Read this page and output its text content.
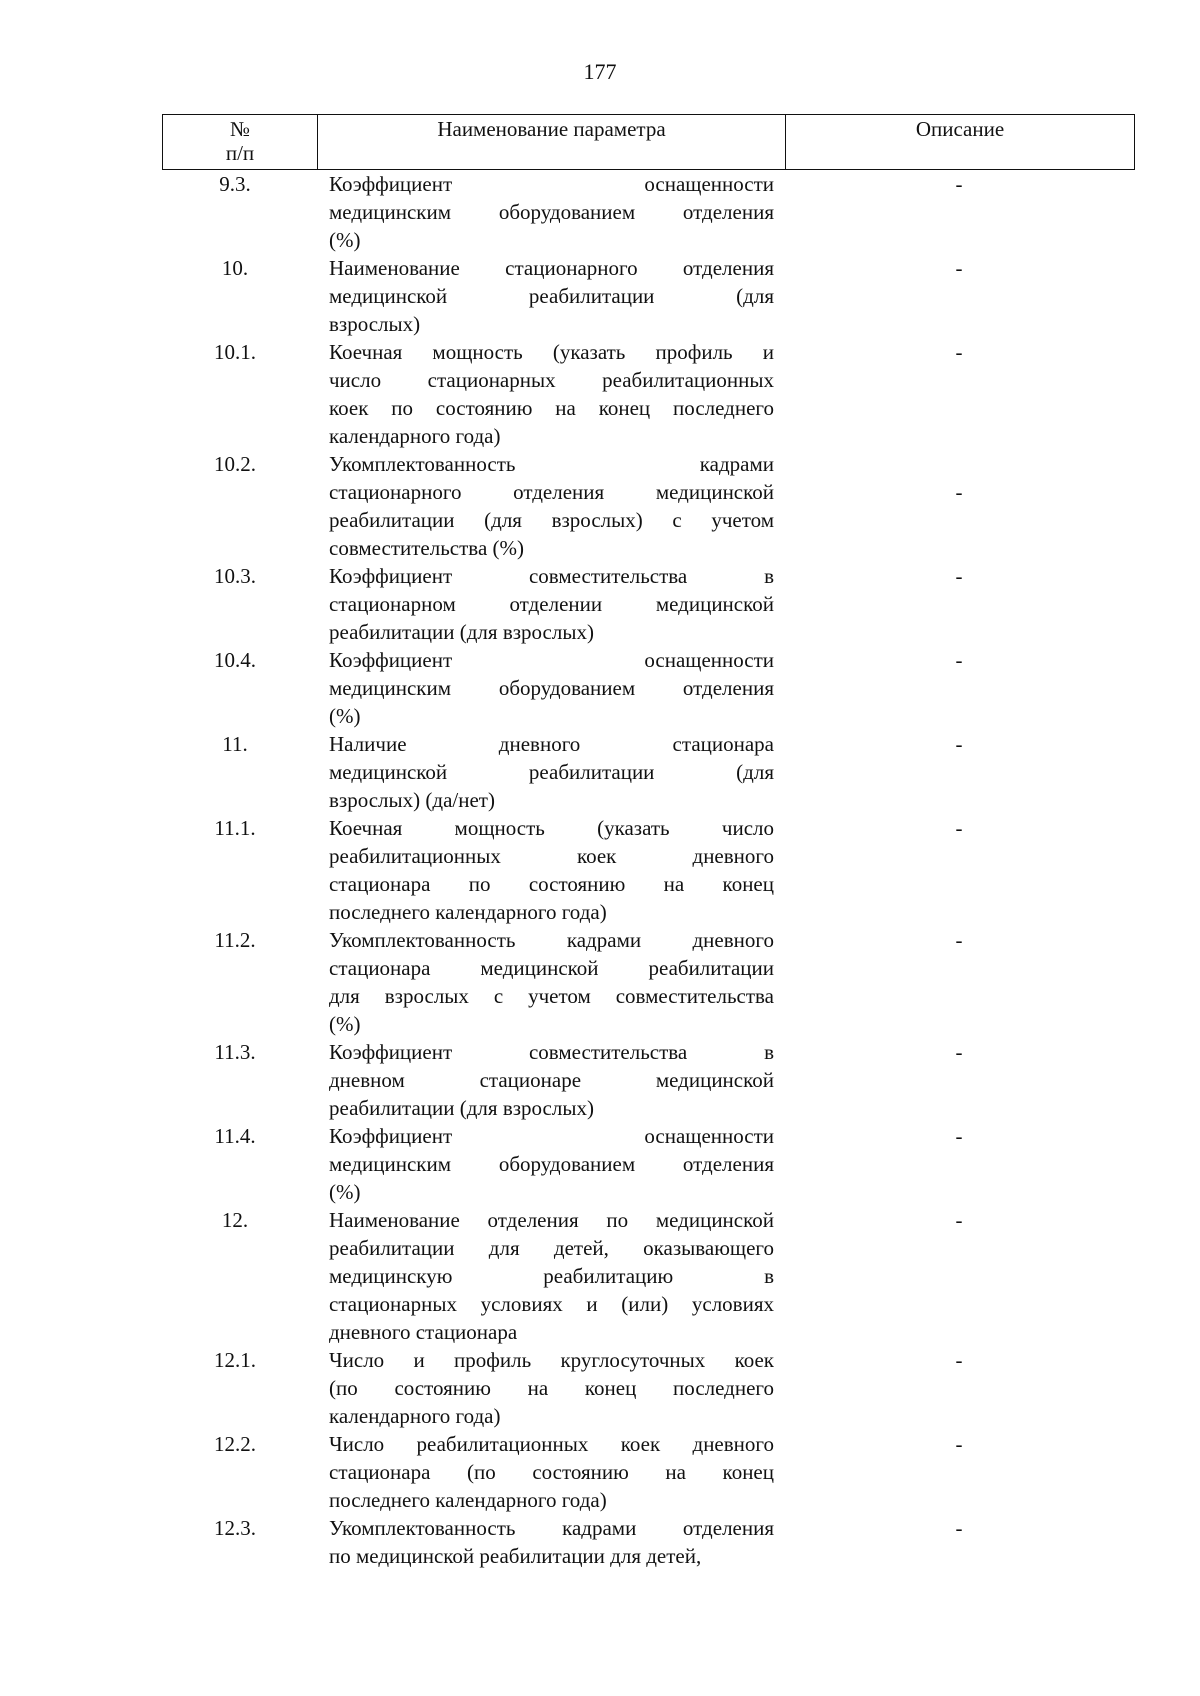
177
№
п/п
Наименование параметра	Описание
9.3.	Коэффициент оснащенности
медицинским оборудованием отделения
(%)
-
10.	Наименование стационарного отделения
медицинской реабилитации (для
взрослых)
-
10.1.	Коечная мощность (указать профиль и
число стационарных реабилитационных
коек по состоянию на конец последнего
календарного года)
-
10.2.	Укомплектованность кадрами
стационарного отделения медицинской
реабилитации (для взрослых) с учетом
совместительства (%)
-
10.3.	Коэффициент совместительства в
стационарном отделении медицинской
реабилитации (для взрослых)
-
10.4.	Коэффициент оснащенности
медицинским оборудованием отделения
(%)
-
11.	Наличие дневного стационара
медицинской реабилитации (для
взрослых) (да/нет)
-
11.1.	Коечная мощность (указать число
реабилитационных коек дневного
стационара по состоянию на конец
последнего календарного года)
-
11.2.	Укомплектованность кадрами дневного
стационара медицинской реабилитации
для взрослых с учетом совместительства
(%)
-
11.3.	Коэффициент совместительства в
дневном стационаре медицинской
реабилитации (для взрослых)
-
11.4.	Коэффициент оснащенности
медицинским оборудованием отделения
(%)
-
12.	Наименование отделения по медицинской
реабилитации для детей, оказывающего
медицинскую реабилитацию в
стационарных условиях и (или) условиях
дневного стационара
-
12.1.	Число и профиль круглосуточных коек
(по состоянию на конец последнего
календарного года)
-
12.2.	Число реабилитационных коек дневного
стационара (по состоянию на конец
последнего календарного года)
-
12.3.	Укомплектованность кадрами отделения
по медицинской реабилитации для детей,
-
